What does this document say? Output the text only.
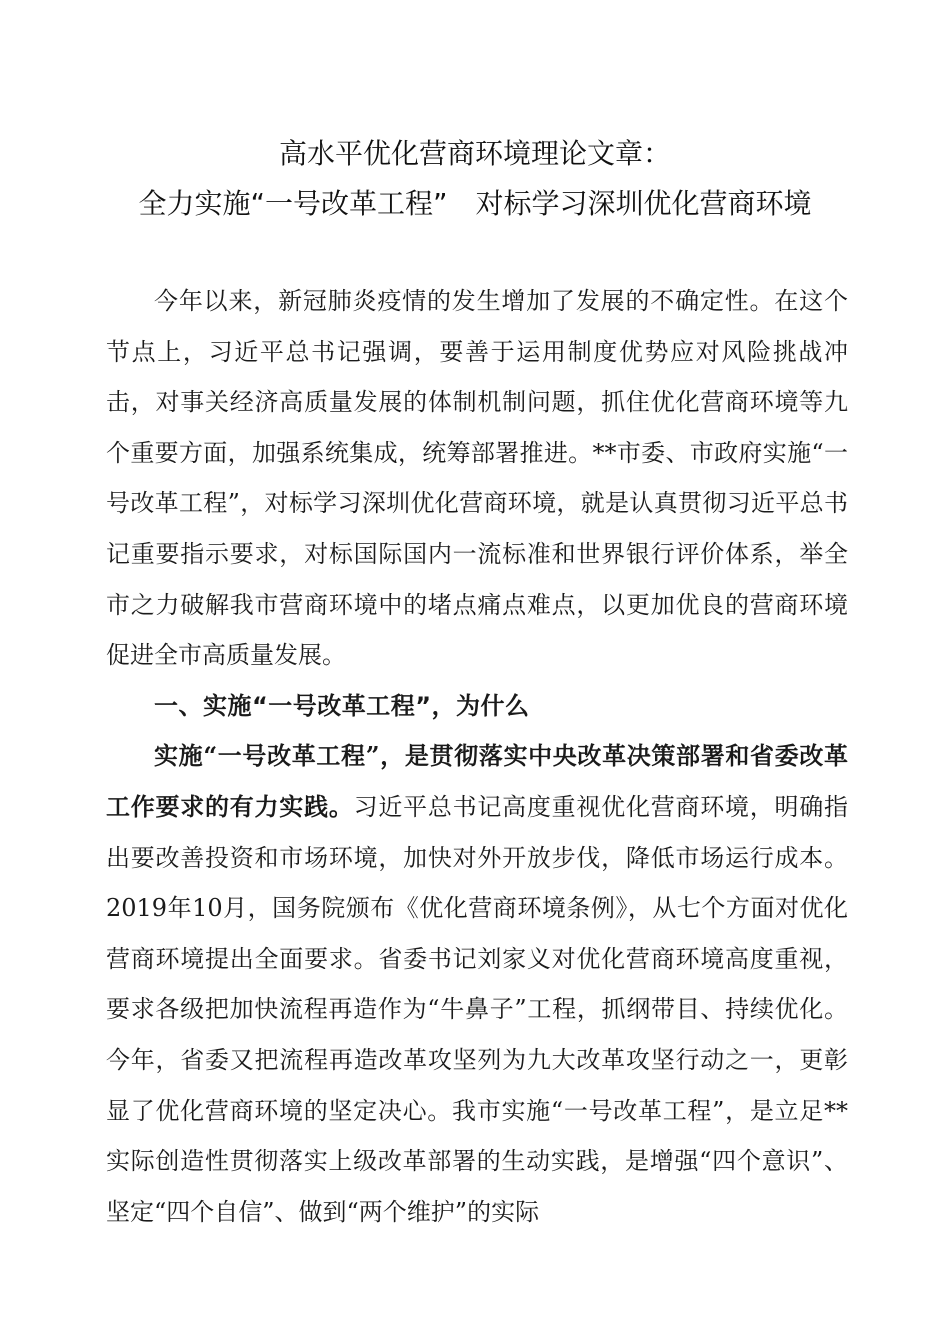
高水平优化营商环境理论文章：
全力实施“一号改革工程”　对标学习深圳优化营商环境

今年以来，新冠肺炎疫情的发生增加了发展的不确定性。在这个节点上，习近平总书记强调，要善于运用制度优势应对风险挑战冲击，对事关经济高质量发展的体制机制问题，抓住优化营商环境等九个重要方面，加强系统集成，统筹部署推进。**市委、市政府实施“一号改革工程”，对标学习深圳优化营商环境，就是认真贯彻习近平总书记重要指示要求，对标国际国内一流标准和世界银行评价体系，举全市之力破解我市营商环境中的堵点痛点难点，以更加优良的营商环境促进全市高质量发展。

一、实施“一号改革工程”，为什么

实施“一号改革工程”，是贯彻落实中央改革决策部署和省委改革工作要求的有力实践。习近平总书记高度重视优化营商环境，明确指出要改善投资和市场环境，加快对外开放步伐，降低市场运行成本。2019年10月，国务院颁布《优化营商环境条例》，从七个方面对优化营商环境提出全面要求。省委书记刘家义对优化营商环境高度重视，要求各级把加快流程再造作为“牛鼻子”工程，抓纲带目、持续优化。今年，省委又把流程再造改革攻坚列为九大改革攻坚行动之一，更彰显了优化营商环境的坚定决心。我市实施“一号改革工程”，是立足**实际创造性贯彻落实上级改革部署的生动实践，是增强“四个意识”、坚定“四个自信”、做到“两个维护”的实际
